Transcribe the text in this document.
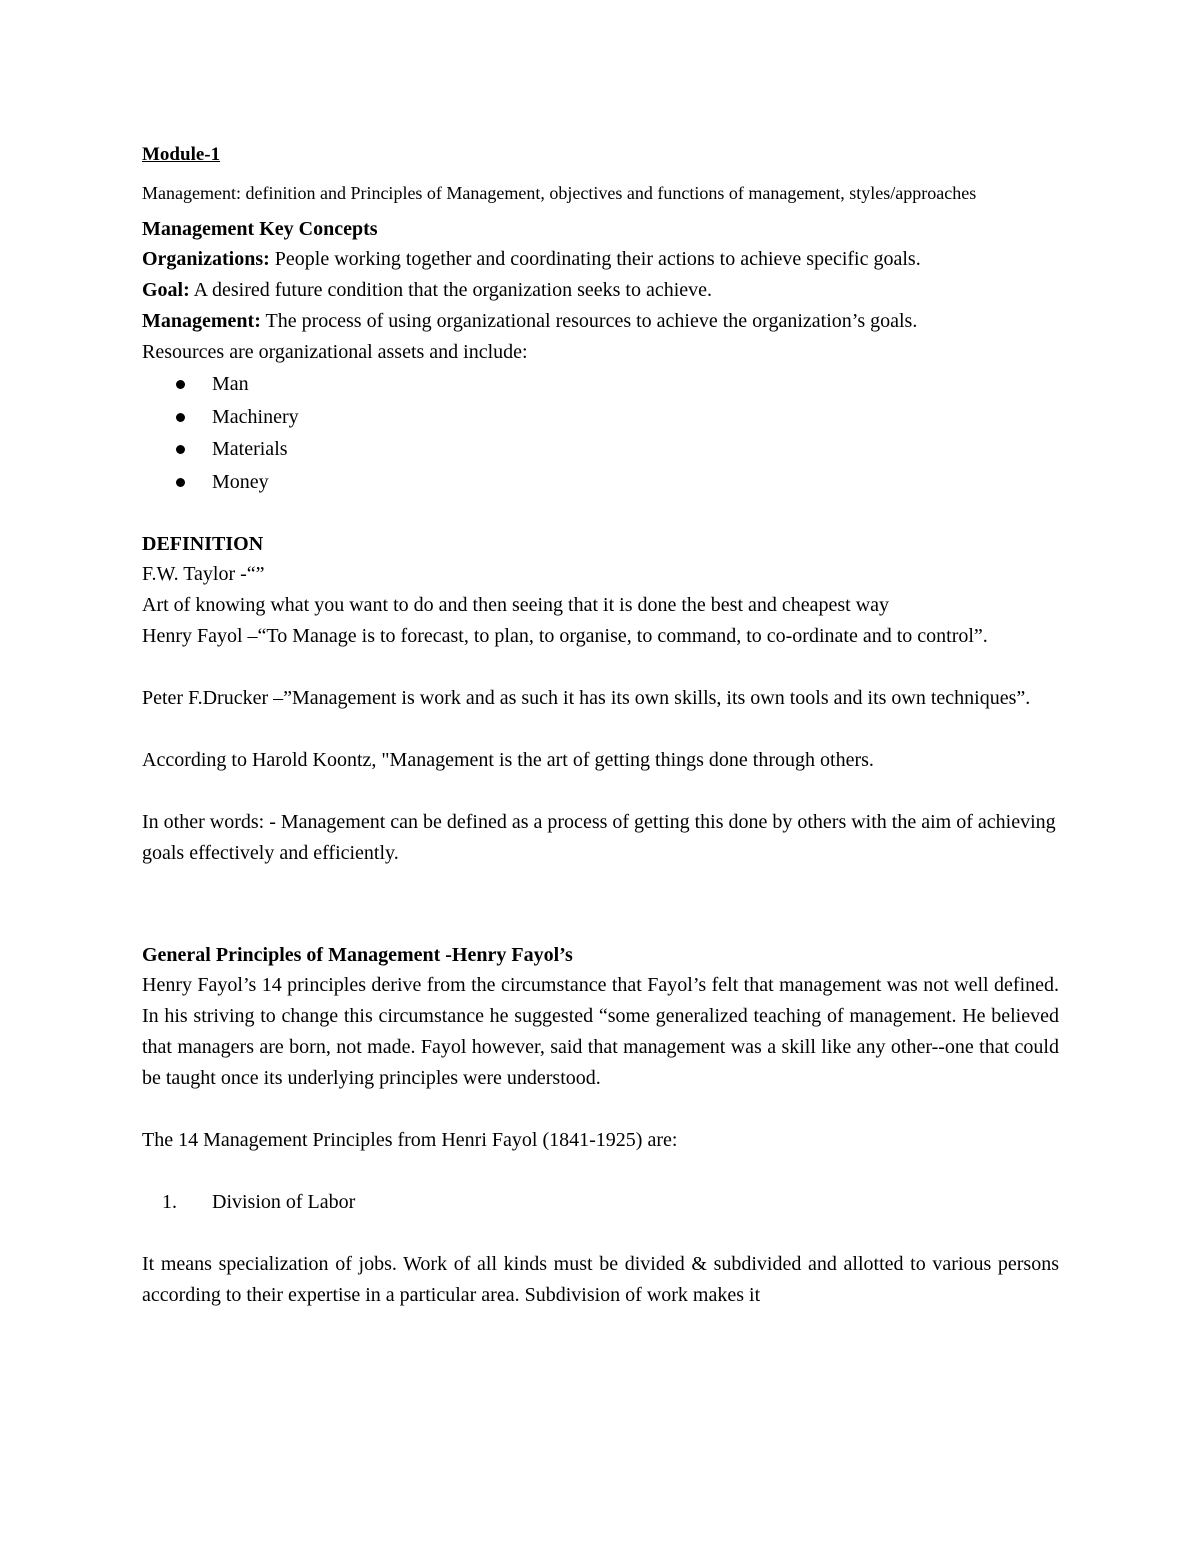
Module-1

Management: definition and Principles of Management, objectives and functions of management, styles/approaches

Management Key Concepts

Organizations: People working together and coordinating their actions to achieve specific goals.

Goal: A desired future condition that the organization seeks to achieve.

Management: The process of using organizational resources to achieve the organization’s goals.

Resources are organizational assets and include:

Man
Machinery
Materials
Money

DEFINITION

F.W. Taylor -“”

Art of knowing what you want to do and then seeing that it is done the best and cheapest way

Henry Fayol –“To Manage is to forecast, to plan, to organise, to command, to co-ordinate and to control”.

Peter F.Drucker –”Management is work and as such it has its own skills, its own tools and its own techniques”.

According to Harold Koontz, "Management is the art of getting things done through others.

In other words: - Management can be defined as a process of getting this done by others with the aim of achieving goals effectively and efficiently.

General Principles of Management -Henry Fayol’s

Henry Fayol’s 14 principles derive from the circumstance that Fayol’s felt that management was not well defined. In his striving to change this circumstance he suggested “some generalized teaching of management. He believed that managers are born, not made. Fayol however, said that management was a skill like any other--one that could be taught once its underlying principles were understood.

The 14 Management Principles from Henri Fayol (1841-1925) are:

1. Division of Labor

It means specialization of jobs. Work of all kinds must be divided & subdivided and allotted to various persons according to their expertise in a particular area. Subdivision of work makes it
